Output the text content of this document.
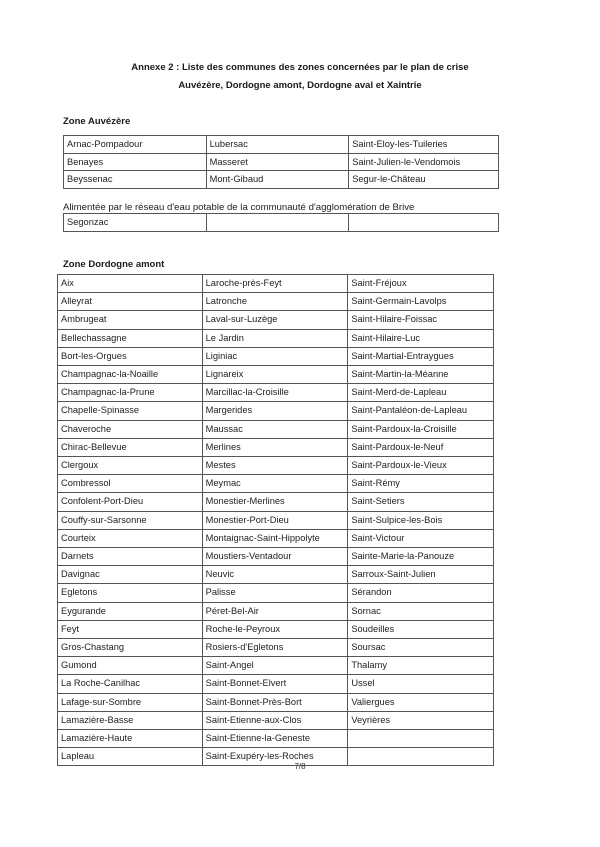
Annexe 2 : Liste des communes des zones concernées par le plan de crise
Auvézère, Dordogne amont, Dordogne aval et Xaintrie
Zone Auvézère
Arnac-Pompadour	Lubersac	Saint-Eloy-les-Tuileries
Benayes	Masseret	Saint-Julien-le-Vendomois
Beyssenac	Mont-Gibaud	Segur-le-Château
Alimentée par le réseau d'eau potable de la communauté d'agglomération de Brive
Segonzac		
Zone Dordogne amont
Aix	Laroche-près-Feyt	Saint-Fréjoux
Alleyrat	Latronche	Saint-Germain-Lavolps
Ambrugeat	Laval-sur-Luzège	Saint-Hilaire-Foissac
Bellechassagne	Le Jardin	Saint-Hilaire-Luc
Bort-les-Orgues	Liginiac	Saint-Martial-Entraygues
Champagnac-la-Noaille	Lignareix	Saint-Martin-la-Méanne
Champagnac-la-Prune	Marcillac-la-Croisille	Saint-Merd-de-Lapleau
Chapelle-Spinasse	Margerides	Saint-Pantaléon-de-Lapleau
Chaveroche	Maussac	Saint-Pardoux-la-Croisille
Chirac-Bellevue	Merlines	Saint-Pardoux-le-Neuf
Clergoux	Mestes	Saint-Pardoux-le-Vieux
Combressol	Meymac	Saint-Rémy
Confolent-Port-Dieu	Monestier-Merlines	Saint-Setiers
Couffy-sur-Sarsonne	Monestier-Port-Dieu	Saint-Sulpice-les-Bois
Courteix	Montaignac-Saint-Hippolyte	Saint-Victour
Darnets	Moustiers-Ventadour	Sainte-Marie-la-Panouze
Davignac	Neuvic	Sarroux-Saint-Julien
Egletons	Palisse	Sérandon
Eygurande	Péret-Bel-Air	Sornac
Feyt	Roche-le-Peyroux	Soudeilles
Gros-Chastang	Rosiers-d'Egletons	Soursac
Gumond	Saint-Angel	Thalamy
La Roche-Canilhac	Saint-Bonnet-Elvert	Ussel
Lafage-sur-Sombre	Saint-Bonnet-Près-Bort	Valiergues
Lamazière-Basse	Saint-Etienne-aux-Clos	Veyrières
Lamazière-Haute	Saint-Etienne-la-Geneste	
Lapleau	Saint-Exupéry-les-Roches	
7/8
